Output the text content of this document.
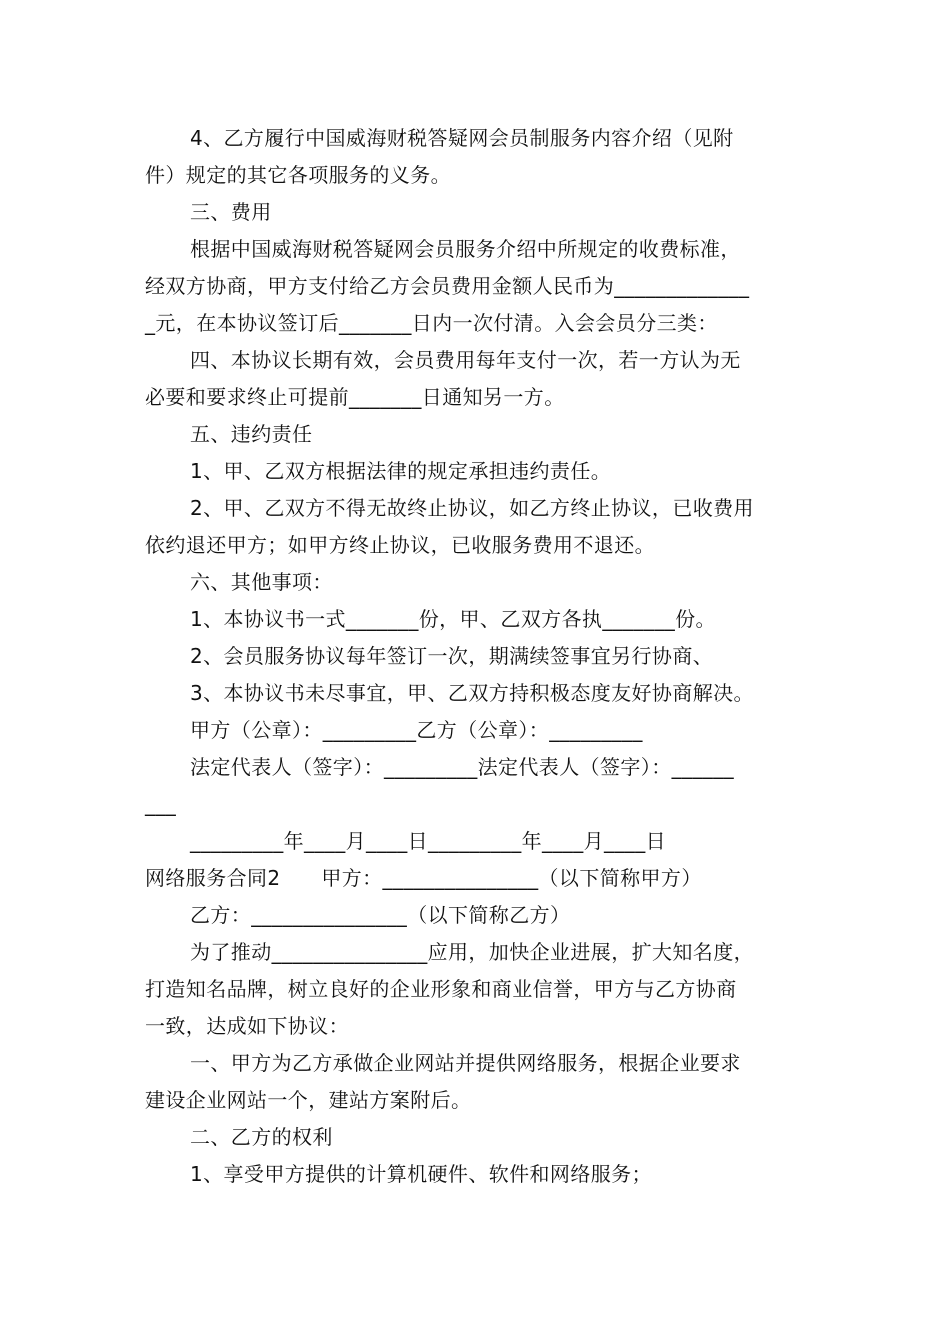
4、乙方履行中国威海财税答疑网会员制服务内容介绍（见附
件）规定的其它各项服务的义务。
三、费用
根据中国威海财税答疑网会员服务介绍中所规定的收费标准，
经双方协商，甲方支付给乙方会员费用金额人民币为_____________
_元，在本协议签订后_______日内一次付清。入会会员分三类：
四、本协议长期有效，会员费用每年支付一次，若一方认为无
必要和要求终止可提前_______日通知另一方。
五、违约责任
1、甲、乙双方根据法律的规定承担违约责任。
2、甲、乙双方不得无故终止协议，如乙方终止协议，已收费用
依约退还甲方；如甲方终止协议，已收服务费用不退还。
六、其他事项：
1、本协议书一式_______份，甲、乙双方各执_______份。
2、会员服务协议每年签订一次，期满续签事宜另行协商、
3、本协议书未尽事宜，甲、乙双方持积极态度友好协商解决。
甲方（公章）：_________乙方（公章）：_________
法定代表人（签字）：_________法定代表人（签字）：______
___
_________年____月____日_________年____月____日
网络服务合同2　　甲方：_______________（以下简称甲方）
乙方：_______________（以下简称乙方）
为了推动_______________应用，加快企业进展，扩大知名度，
打造知名品牌，树立良好的企业形象和商业信誉，甲方与乙方协商
一致，达成如下协议：
一、甲方为乙方承做企业网站并提供网络服务，根据企业要求
建设企业网站一个，建站方案附后。
二、乙方的权利
1、享受甲方提供的计算机硬件、软件和网络服务；
